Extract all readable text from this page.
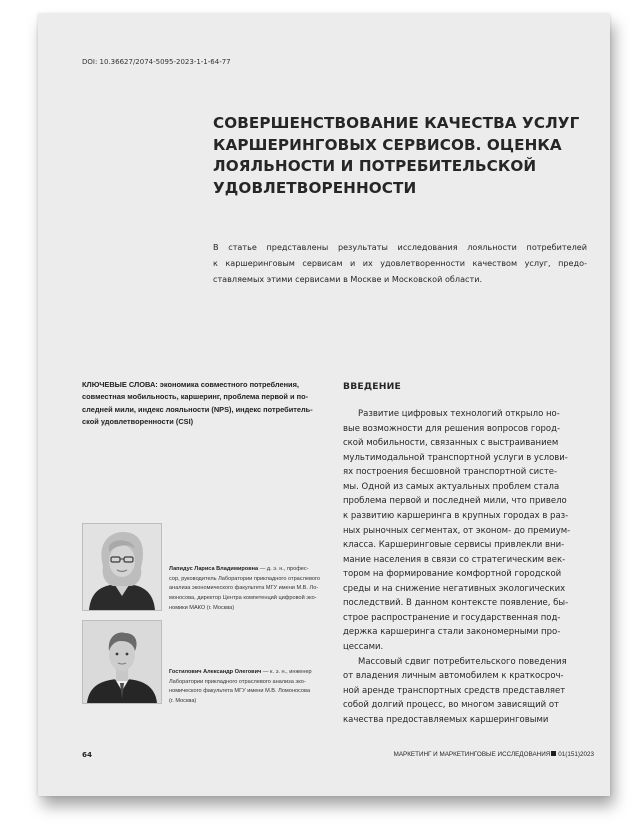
DOI: 10.36627/2074-5095-2023-1-1-64-77
СОВЕРШЕНСТВОВАНИЕ КАЧЕСТВА УСЛУГ
КАРШЕРИНГОВЫХ СЕРВИСОВ. ОЦЕНКА
ЛОЯЛЬНОСТИ И ПОТРЕБИТЕЛЬСКОЙ
УДОВЛЕТВОРЕННОСТИ
В статье представлены результаты исследования лояльности потребителей
к каршеринговым сервисам и их удовлетворенности качеством услуг, предо-
ставляемых этими сервисами в Москве и Московской области.
КЛЮЧЕВЫЕ СЛОВА: экономика совместного потребления,
совместная мобильность, каршеринг, проблема первой и по-
следней мили, индекс лояльности (NPS), индекс потребитель-
ской удовлетворенности (CSI)
Лапидус Лариса Владимировна — д. э. н., профес-
сор, руководитель Лаборатории прикладного отраслевого
анализа экономического факультета МГУ имени М.В. Ло-
моносова, директор Центра компетенций цифровой эко-
номики МАКО (г. Москва)
Гостилович Александр Олегович — к. э. н., инженер
Лаборатории прикладного отраслевого анализа эко-
номического факультета МГУ имени М.В. Ломоносова
(г. Москва)
ВВЕДЕНИЕ
Развитие цифровых технологий открыло но-
вые возможности для решения вопросов город-
ской мобильности, связанных с выстраиванием
мультимодальной транспортной услуги в услови-
ях построения бесшовной транспортной систе-
мы. Одной из самых актуальных проблем стала
проблема первой и последней мили, что привело
к развитию каршеринга в крупных городах в раз-
ных рыночных сегментах, от эконом- до премиум-
класса. Каршеринговые сервисы привлекли вни-
мание населения в связи со стратегическим век-
тором на формирование комфортной городской
среды и на снижение негативных экологических
последствий. В данном контексте появление, бы-
строе распространение и государственная под-
держка каршеринга стали закономерными про-
цессами.
Массовый сдвиг потребительского поведения
от владения личным автомобилем к краткосроч-
ной аренде транспортных средств представляет
собой долгий процесс, во многом зависящий от
качества предоставляемых каршеринговыми
64	МАРКЕТИНГ И МАРКЕТИНГОВЫЕ ИССЛЕДОВАНИЯ 01(151)2023
